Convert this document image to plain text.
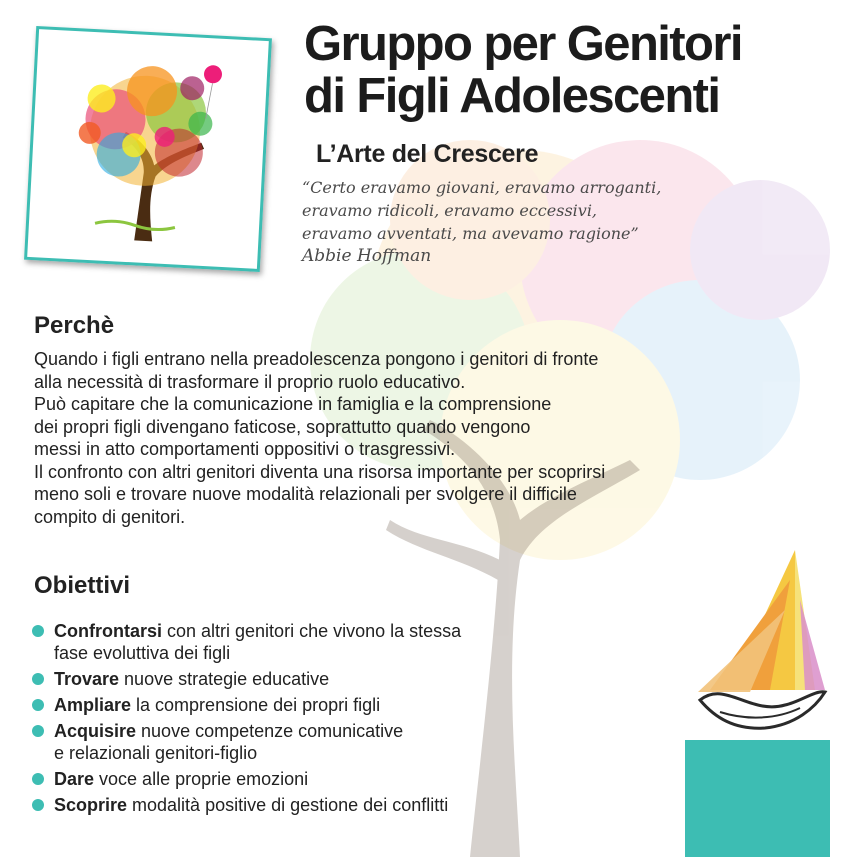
Gruppo per Genitori
di Figli Adolescenti
L’Arte del Crescere
“Certo eravamo giovani, eravamo arroganti,
eravamo ridicoli, eravamo eccessivi,
eravamo avventati, ma avevamo ragione”
Abbie Hoffman
Perchè
Quando i figli entrano nella preadolescenza pongono i genitori di fronte
alla necessità di trasformare il proprio ruolo educativo.
Può capitare che la comunicazione in famiglia e la comprensione
dei propri figli divengano faticose, soprattutto quando vengono
messi in atto comportamenti oppositivi o trasgressivi.
Il confronto con altri genitori diventa una risorsa importante per scoprirsi
meno soli e trovare nuove modalità relazionali per svolgere il difficile
compito di genitori.
Obiettivi
Confrontarsi con altri genitori che vivono la stessa
fase evoluttiva dei figli
Trovare nuove strategie educative
Ampliare la comprensione dei propri figli
Acquisire nuove competenze comunicative
e relazionali genitori-figlio
Dare voce alle proprie emozioni
Scoprire modalità positive di gestione dei conflitti
